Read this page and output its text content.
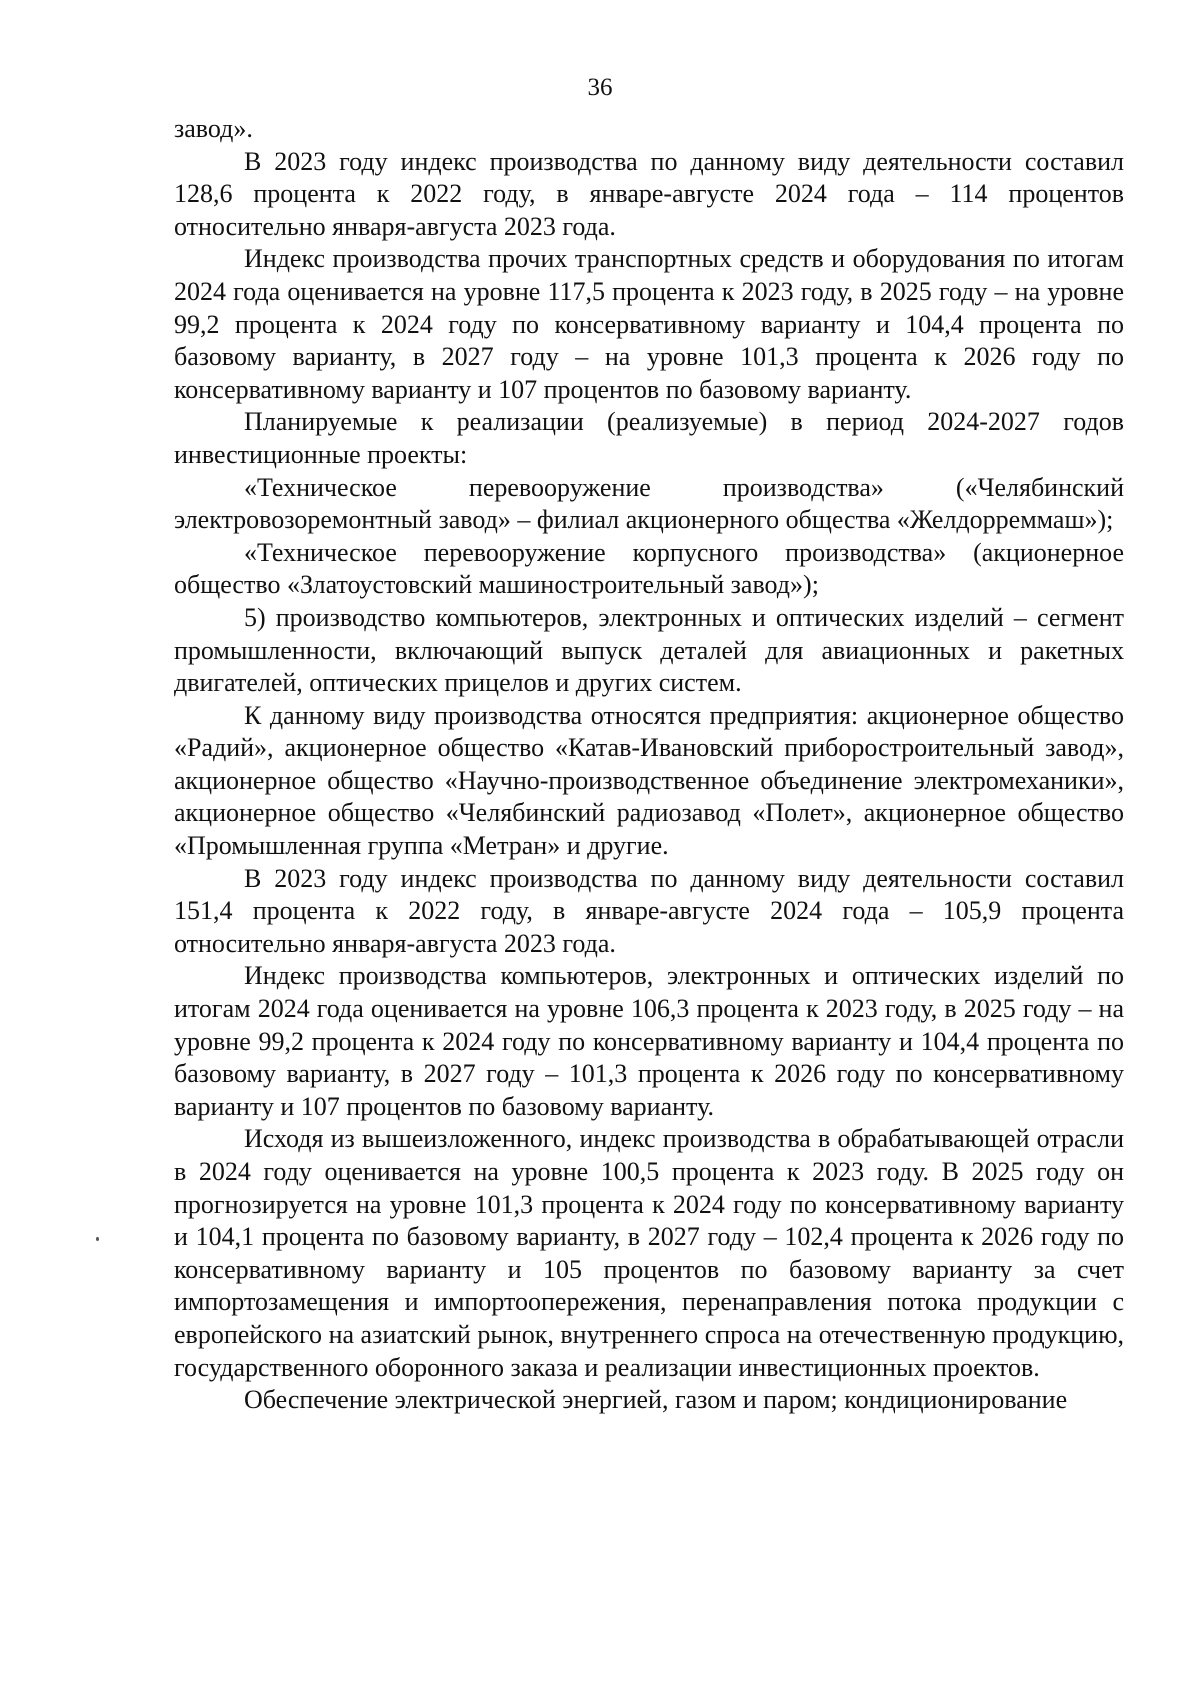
36

завод».

В 2023 году индекс производства по данному виду деятельности составил 128,6 процента к 2022 году, в январе-августе 2024 года – 114 процентов относительно января-августа 2023 года.

Индекс производства прочих транспортных средств и оборудования по итогам 2024 года оценивается на уровне 117,5 процента к 2023 году, в 2025 году – на уровне 99,2 процента к 2024 году по консервативному варианту и 104,4 процента по базовому варианту, в 2027 году – на уровне 101,3 процента к 2026 году по консервативному варианту и 107 процентов по базовому варианту.

Планируемые к реализации (реализуемые) в период 2024-2027 годов инвестиционные проекты:

«Техническое перевооружение производства» («Челябинский электровозоремонтный завод» – филиал акционерного общества «Желдорреммаш»);

«Техническое перевооружение корпусного производства» (акционерное общество «Златоустовский машиностроительный завод»);

5) производство компьютеров, электронных и оптических изделий – сегмент промышленности, включающий выпуск деталей для авиационных и ракетных двигателей, оптических прицелов и других систем.

К данному виду производства относятся предприятия: акционерное общество «Радий», акционерное общество «Катав-Ивановский приборостроительный завод», акционерное общество «Научно-производственное объединение электромеханики», акционерное общество «Челябинский радиозавод «Полет», акционерное общество «Промышленная группа «Метран» и другие.

В 2023 году индекс производства по данному виду деятельности составил 151,4 процента к 2022 году, в январе-августе 2024 года – 105,9 процента относительно января-августа 2023 года.

Индекс производства компьютеров, электронных и оптических изделий по итогам 2024 года оценивается на уровне 106,3 процента к 2023 году, в 2025 году – на уровне 99,2 процента к 2024 году по консервативному варианту и 104,4 процента по базовому варианту, в 2027 году – 101,3 процента к 2026 году по консервативному варианту и 107 процентов по базовому варианту.

Исходя из вышеизложенного, индекс производства в обрабатывающей отрасли в 2024 году оценивается на уровне 100,5 процента к 2023 году. В 2025 году он прогнозируется на уровне 101,3 процента к 2024 году по консервативному варианту и 104,1 процента по базовому варианту, в 2027 году – 102,4 процента к 2026 году по консервативному варианту и 105 процентов по базовому варианту за счет импортозамещения и импортоопережения, перенаправления потока продукции с европейского на азиатский рынок, внутреннего спроса на отечественную продукцию, государственного оборонного заказа и реализации инвестиционных проектов.

Обеспечение электрической энергией, газом и паром; кондиционирование
